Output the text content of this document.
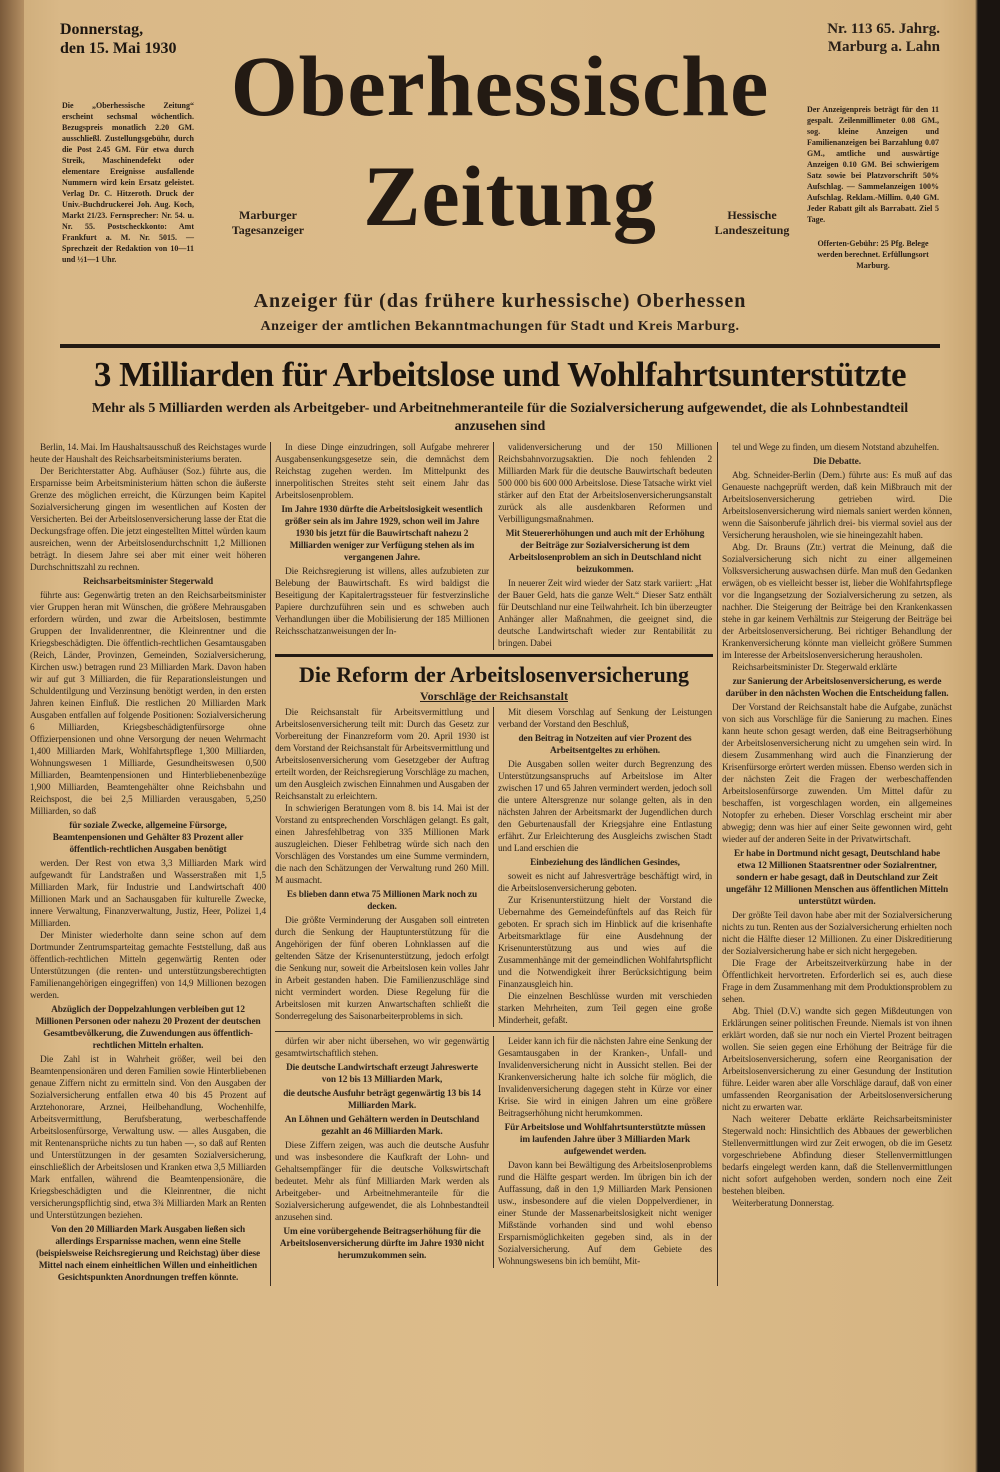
Donnerstag,
den 15. Mai 1930
Die „Oberhessische Zeitung“ erscheint sechsmal wöchentlich. Bezugspreis monatlich 2.20 GM. ausschließl. Zustellungsgebühr, durch die Post 2.45 GM. Für etwa durch Streik, Maschinendefekt oder elementare Ereignisse ausfallende Nummern wird kein Ersatz geleistet. Verlag Dr. C. Hitzeroth. Druck der Univ.-Buchdruckerei Joh. Aug. Koch, Markt 21/23. Fernsprecher: Nr. 54. u. Nr. 55. Postscheckkonto: Amt Frankfurt a. M. Nr. 5015. — Sprechzeit der Redaktion von 10—11 und ½1—1 Uhr.
Oberhessische
Zeitung
Marburger Tagesanzeiger
Hessische Landeszeitung
Nr. 113 65. Jahrg.
Marburg a. Lahn
Der Anzeigenpreis beträgt für den 11 gespalt. Zeilenmillimeter 0.08 GM., sog. kleine Anzeigen und Familienanzeigen bei Barzahlung 0.07 GM., amtliche und auswärtige Anzeigen 0.10 GM. Bei schwierigem Satz sowie bei Platzvorschrift 50% Aufschlag. — Sammelanzeigen 100% Aufschlag. Reklam.-Millim. 0,40 GM. Jeder Rabatt gilt als Barrabatt. Ziel 5 Tage.
Offerten-Gebühr: 25 Pfg. Belege werden berechnet. Erfüllungsort Marburg.
Anzeiger für (das frühere kurhessische) Oberhessen
Anzeiger der amtlichen Bekanntmachungen für Stadt und Kreis Marburg.
3 Milliarden für Arbeitslose und Wohlfahrtsunterstützte
Mehr als 5 Milliarden werden als Arbeitgeber- und Arbeitnehmeranteile für die Sozialversicherung aufgewendet, die als Lohnbestandteil anzusehen sind

Berlin, 14. Mai. Im Haushaltsausschuß des Reichstages wurde heute der Haushalt des Reichsarbeitsministeriums beraten.

Der Berichterstatter Abg. Aufhäuser (Soz.) führte aus, die Ersparnisse beim Arbeitsministerium hätten schon die äußerste Grenze des möglichen erreicht, die Kürzungen beim Kapitel Sozialversicherung gingen im wesentlichen auf Kosten der Versicherten. Bei der Arbeitslosenversicherung lasse der Etat die Deckungsfrage offen. Die jetzt eingestellten Mittel würden kaum ausreichen, wenn der Arbeitslosendurchschnitt 1,2 Millionen beträgt. In diesem Jahre sei aber mit einer weit höheren Durchschnittszahl zu rechnen.

Reichsarbeitsminister Stegerwald

führte aus: Gegenwärtig treten an den Reichsarbeitsminister vier Gruppen heran mit Wünschen, die größere Mehrausgaben erfordern würden, und zwar die Arbeitslosen, bestimmte Gruppen der Invalidenrentner, die Kleinrentner und die Kriegsbeschädigten. Die öffentlich-rechtlichen Gesamtausgaben (Reich, Länder, Provinzen, Gemeinden, Sozialversicherung, Kirchen usw.) betragen rund 23 Milliarden Mark. Davon haben wir auf gut 3 Milliarden, die für Reparationsleistungen und Schuldentilgung und Verzinsung benötigt werden, in den ersten Jahren keinen Einfluß. Die restlichen 20 Milliarden Mark Ausgaben entfallen auf folgende Positionen: Sozialversicherung 6 Milliarden, Kriegsbeschädigtenfürsorge ohne Offizierpensionen und ohne Versorgung der neuen Wehrmacht 1,400 Milliarden Mark, Wohlfahrtspflege 1,300 Milliarden, Wohnungswesen 1 Milliarde, Gesundheitswesen 0,500 Milliarden, Beamtenpensionen und Hinterbliebenenbezüge 1,900 Milliarden, Beamtengehälter ohne Reichsbahn und Reichspost, die bei 2,5 Milliarden verausgaben, 5,250 Milliarden, so daß

für soziale Zwecke, allgemeine Fürsorge, Beamtenpensionen und Gehälter 83 Prozent aller öffentlich-rechtlichen Ausgaben benötigt

werden. Der Rest von etwa 3,3 Milliarden Mark wird aufgewandt für Landstraßen und Wasserstraßen mit 1,5 Milliarden Mark, für Industrie und Landwirtschaft 400 Millionen Mark und an Sachausgaben für kulturelle Zwecke, innere Verwaltung, Finanzverwaltung, Justiz, Heer, Polizei 1,4 Milliarden.

Der Minister wiederholte dann seine schon auf dem Dortmunder Zentrumsparteitag gemachte Feststellung, daß aus öffentlich-rechtlichen Mitteln gegenwärtig Renten oder Unterstützungen (die renten- und unterstützungsberechtigten Familienangehörigen eingegriffen) von 14,9 Millionen bezogen werden.

Abzüglich der Doppelzahlungen verbleiben gut 12 Millionen Personen oder nahezu 20 Prozent der deutschen Gesamtbevölkerung, die Zuwendungen aus öffentlich-rechtlichen Mitteln erhalten.

Die Zahl ist in Wahrheit größer, weil bei den Beamtenpensionären und deren Familien sowie Hinterbliebenen genaue Ziffern nicht zu ermitteln sind. Von den Ausgaben der Sozialversicherung entfallen etwa 40 bis 45 Prozent auf Arztehonorare, Arznei, Heilbehandlung, Wochenhilfe, Arbeitsvermittlung, Berufsberatung, werbeschaffende Arbeitslosenfürsorge, Verwaltung usw. — alles Ausgaben, die mit Rentenansprüche nichts zu tun haben —, so daß auf Renten und Unterstützungen in der gesamten Sozialversicherung, einschließlich der Arbeitslosen und Kranken etwa 3,5 Milliarden Mark entfallen, während die Beamtenpensionäre, die Kriegsbeschädigten und die Kleinrentner, die nicht versicherungspflichtig sind, etwa 3¾ Milliarden Mark an Renten und Unterstützungen beziehen.

Von den 20 Milliarden Mark Ausgaben ließen sich allerdings Ersparnisse machen, wenn eine Stelle (beispielsweise Reichsregierung und Reichstag) über diese Mittel nach einem einheitlichen Willen und einheitlichen Gesichtspunkten Anordnungen treffen könnte.

In diese Dinge einzudringen, soll Aufgabe mehrerer Ausgabensenkungsgesetze sein, die demnächst dem Reichstag zugehen werden. Im Mittelpunkt des innerpolitischen Streites steht seit einem Jahr das Arbeitslosenproblem.

Im Jahre 1930 dürfte die Arbeitslosigkeit wesentlich größer sein als im Jahre 1929, schon weil im Jahre 1930 bis jetzt für die Bauwirtschaft nahezu 2 Milliarden weniger zur Verfügung stehen als im vergangenen Jahre.

Die Reichsregierung ist willens, alles aufzubieten zur Belebung der Bauwirtschaft. Es wird baldigst die Beseitigung der Kapitalertragssteuer für festverzinsliche Papiere durchzuführen sein und es schweben auch Verhandlungen über die Mobilisierung der 185 Millionen Reichsschatzanweisungen der In-

validenversicherung und der 150 Millionen Reichsbahnvorzugsaktien. Die noch fehlenden 2 Milliarden Mark für die deutsche Bauwirtschaft bedeuten 500 000 bis 600 000 Arbeitslose. Diese Tatsache wirkt viel stärker auf den Etat der Arbeitslosenversicherungsanstalt zurück als alle ausdenkbaren Reformen und Verbilligungsmaßnahmen.

Mit Steuererhöhungen und auch mit der Erhöhung der Beiträge zur Sozialversicherung ist dem Arbeitslosenproblem an sich in Deutschland nicht beizukommen.

In neuerer Zeit wird wieder der Satz stark variiert: „Hat der Bauer Geld, hats die ganze Welt.“ Dieser Satz enthält für Deutschland nur eine Teilwahrheit. Ich bin überzeugter Anhänger aller Maßnahmen, die geeignet sind, die deutsche Landwirtschaft wieder zur Rentabilität zu bringen. Dabei

Die Reform der Arbeitslosenversicherung
Vorschläge der Reichsanstalt

Die Reichsanstalt für Arbeitsvermittlung und Arbeitslosenversicherung teilt mit: Durch das Gesetz zur Vorbereitung der Finanzreform vom 20. April 1930 ist dem Vorstand der Reichsanstalt für Arbeitsvermittlung und Arbeitslosenversicherung vom Gesetzgeber der Auftrag erteilt worden, der Reichsregierung Vorschläge zu machen, um den Ausgleich zwischen Einnahmen und Ausgaben der Reichsanstalt zu erleichtern.

In schwierigen Beratungen vom 8. bis 14. Mai ist der Vorstand zu entsprechenden Vorschlägen gelangt. Es galt, einen Jahresfehlbetrag von 335 Millionen Mark auszugleichen. Dieser Fehlbetrag würde sich nach den Vorschlägen des Vorstandes um eine Summe vermindern, die nach den Schätzungen der Verwaltung rund 260 Mill. M ausmacht.

Es blieben dann etwa 75 Millionen Mark noch zu decken.

Die größte Verminderung der Ausgaben soll eintreten durch die Senkung der Hauptunterstützung für die Angehörigen der fünf oberen Lohnklassen auf die geltenden Sätze der Krisenunterstützung, jedoch erfolgt die Senkung nur, soweit die Arbeitslosen kein volles Jahr in Arbeit gestanden haben. Die Familienzuschläge sind nicht vermindert worden. Diese Regelung für die Arbeitslosen mit kurzen Anwartschaften schließt die Sonderregelung des Saisonarbeiterproblems in sich.

Mit diesem Vorschlag auf Senkung der Leistungen verband der Vorstand den Beschluß,

den Beitrag in Notzeiten auf vier Prozent des Arbeitsentgeltes zu erhöhen.

Die Ausgaben sollen weiter durch Begrenzung des Unterstützungsanspruchs auf Arbeitslose im Alter zwischen 17 und 65 Jahren vermindert werden, jedoch soll die untere Altersgrenze nur solange gelten, als in den nächsten Jahren der Arbeitsmarkt der Jugendlichen durch den Geburtenausfall der Kriegsjahre eine Entlastung erfährt. Zur Erleichterung des Ausgleichs zwischen Stadt und Land erschien die

Einbeziehung des ländlichen Gesindes,

soweit es nicht auf Jahresverträge beschäftigt wird, in die Arbeitslosenversicherung geboten.

Zur Krisenunterstützung hielt der Vorstand die Uebernahme des Gemeindefünftels auf das Reich für geboten. Er sprach sich im Hinblick auf die krisenhafte Arbeitsmarktlage für eine Ausdehnung der Krisenunterstützung aus und wies auf die Zusammenhänge mit der gemeindlichen Wohlfahrtspflicht und die Notwendigkeit ihrer Berücksichtigung beim Finanzausgleich hin.

Die einzelnen Beschlüsse wurden mit verschieden starken Mehrheiten, zum Teil gegen eine große Minderheit, gefaßt.

dürfen wir aber nicht übersehen, wo wir gegenwärtig gesamtwirtschaftlich stehen.

Die deutsche Landwirtschaft erzeugt Jahreswerte von 12 bis 13 Milliarden Mark,

die deutsche Ausfuhr beträgt gegenwärtig 13 bis 14 Milliarden Mark.

An Löhnen und Gehältern werden in Deutschland gezahlt an 46 Milliarden Mark.

Diese Ziffern zeigen, was auch die deutsche Ausfuhr und was insbesondere die Kaufkraft der Lohn- und Gehaltsempfänger für die deutsche Volkswirtschaft bedeutet. Mehr als fünf Milliarden Mark werden als Arbeitgeber- und Arbeitnehmeranteile für die Sozialversicherung aufgewendet, die als Lohnbestandteil anzusehen sind.

Um eine vorübergehende Beitragserhöhung für die Arbeitslosenversicherung dürfte im Jahre 1930 nicht herumzukommen sein.

Leider kann ich für die nächsten Jahre eine Senkung der Gesamtausgaben in der Kranken-, Unfall- und Invalidenversicherung nicht in Aussicht stellen. Bei der Krankenversicherung halte ich solche für möglich, die Invalidenversicherung dagegen steht in Kürze vor einer Krise. Sie wird in einigen Jahren um eine größere Beitragserhöhung nicht herumkommen.

Für Arbeitslose und Wohlfahrtsunterstützte müssen im laufenden Jahre über 3 Milliarden Mark aufgewendet werden.

Davon kann bei Bewältigung des Arbeitslosenproblems rund die Hälfte gespart werden. Im übrigen bin ich der Auffassung, daß in den 1,9 Milliarden Mark Pensionen usw., insbesondere auf die vielen Doppelverdiener, in einer Stunde der Massenarbeitslosigkeit nicht weniger Mißstände vorhanden sind und wohl ebenso Ersparnismöglichkeiten gegeben sind, als in der Sozialversicherung. Auf dem Gebiete des Wohnungswesens bin ich bemüht, Mit-

tel und Wege zu finden, um diesem Notstand abzuhelfen.

Die Debatte.

Abg. Schneider-Berlin (Dem.) führte aus: Es muß auf das Genaueste nachgeprüft werden, daß kein Mißbrauch mit der Arbeitslosenversicherung getrieben wird. Die Arbeitslosenversicherung wird niemals saniert werden können, wenn die Saisonberufe jährlich drei- bis viermal soviel aus der Versicherung herausholen, wie sie hineingezahlt haben.

Abg. Dr. Brauns (Ztr.) vertrat die Meinung, daß die Sozialversicherung sich nicht zu einer allgemeinen Volksversicherung auswachsen dürfe. Man muß den Gedanken erwägen, ob es vielleicht besser ist, lieber die Wohlfahrtspflege vor die Ingangsetzung der Sozialversicherung zu setzen, als nachher. Die Steigerung der Beiträge bei den Krankenkassen stehe in gar keinem Verhältnis zur Steigerung der Beiträge bei der Arbeitslosenversicherung. Bei richtiger Behandlung der Krankenversicherung könnte man vielleicht größere Summen im Interesse der Arbeitslosenversicherung herausholen.

Reichsarbeitsminister Dr. Stegerwald erklärte

zur Sanierung der Arbeitslosenversicherung, es werde darüber in den nächsten Wochen die Entscheidung fallen.

Der Vorstand der Reichsanstalt habe die Aufgabe, zunächst von sich aus Vorschläge für die Sanierung zu machen. Eines kann heute schon gesagt werden, daß eine Beitragserhöhung der Arbeitslosenversicherung nicht zu umgehen sein wird. In diesem Zusammenhang wird auch die Finanzierung der Krisenfürsorge erörtert werden müssen. Ebenso werden sich in der nächsten Zeit die Fragen der werbeschaffenden Arbeitslosenfürsorge zuwenden. Um Mittel dafür zu beschaffen, ist vorgeschlagen worden, ein allgemeines Notopfer zu erheben. Dieser Vorschlag erscheint mir aber abwegig; denn was hier auf einer Seite gewonnen wird, geht wieder auf der anderen Seite in der Privatwirtschaft.

Er habe in Dortmund nicht gesagt, Deutschland habe etwa 12 Millionen Staatsrentner oder Sozialrentner, sondern er habe gesagt, daß in Deutschland zur Zeit ungefähr 12 Millionen Menschen aus öffentlichen Mitteln unterstützt würden.

Der größte Teil davon habe aber mit der Sozialversicherung nichts zu tun. Renten aus der Sozialversicherung erhielten noch nicht die Hälfte dieser 12 Millionen. Zu einer Diskreditierung der Sozialversicherung habe er sich nicht hergegeben.

Die Frage der Arbeitszeitverkürzung habe in der Öffentlichkeit hervortreten. Erforderlich sei es, auch diese Frage in dem Zusammenhang mit dem Produktionsproblem zu sehen.

Abg. Thiel (D.V.) wandte sich gegen Mißdeutungen von Erklärungen seiner politischen Freunde. Niemals ist von ihnen erklärt worden, daß sie nur noch ein Viertel Prozent beitragen wollen. Sie seien gegen eine Erhöhung der Beiträge für die Arbeitslosenversicherung, sofern eine Reorganisation der Arbeitslosenversicherung zu einer Gesundung der Institution führe. Leider waren aber alle Vorschläge darauf, daß von einer umfassenden Reorganisation der Arbeitslosenversicherung nicht zu erwarten war.

Nach weiterer Debatte erklärte Reichsarbeitsminister Stegerwald noch: Hinsichtlich des Abbaues der gewerblichen Stellenvermittlungen wird zur Zeit erwogen, ob die im Gesetz vorgeschriebene Abfindung dieser Stellenvermittlungen bedarfs eingelegt werden kann, daß die Stellenvermittlungen nicht sofort aufgehoben werden, sondern noch eine Zeit bestehen bleiben.

Weiterberatung Donnerstag.
